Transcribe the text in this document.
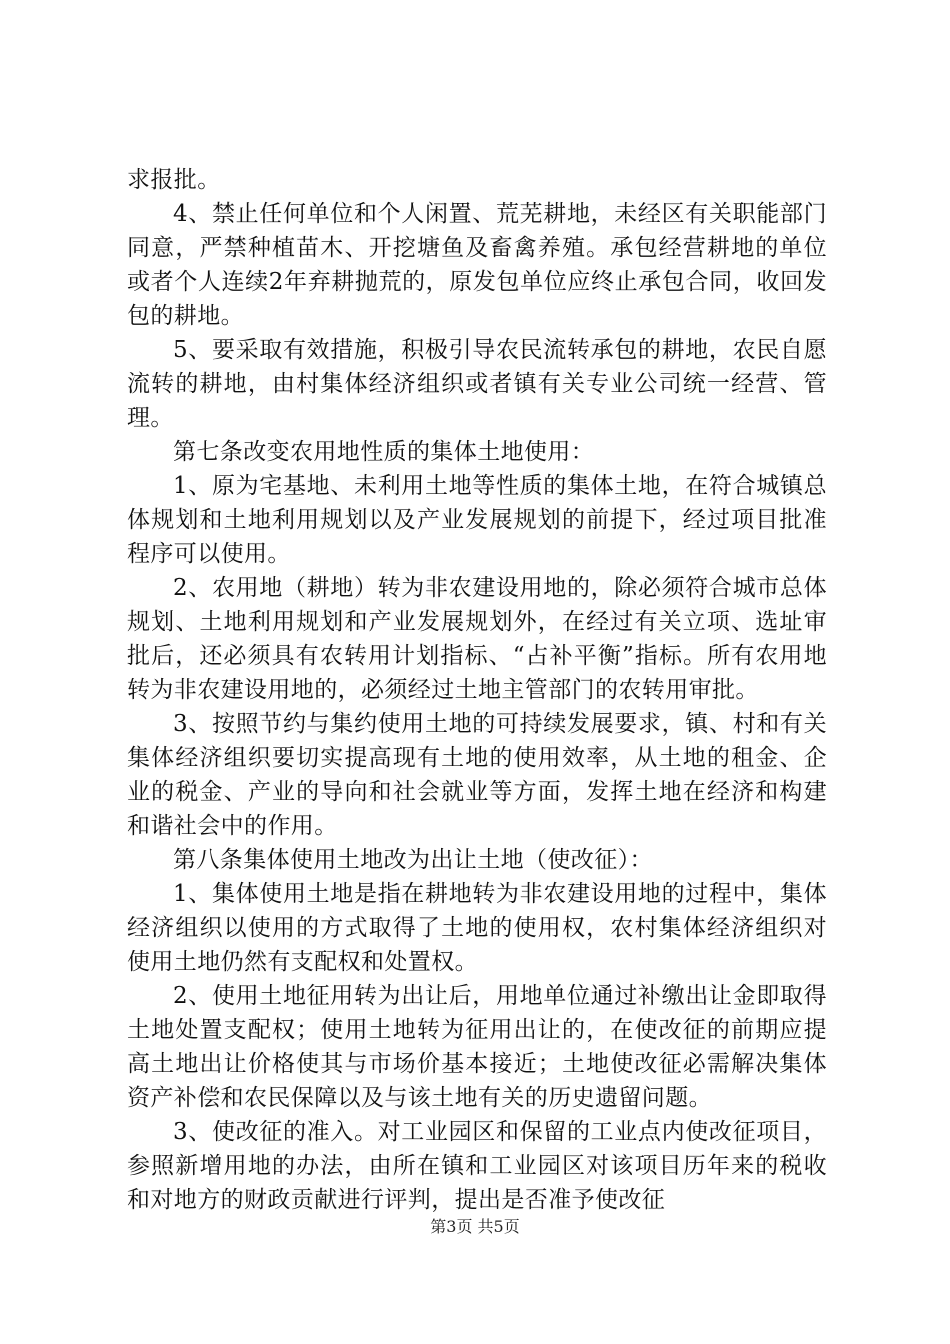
求报批。

4、禁止任何单位和个人闲置、荒芜耕地，未经区有关职能部门同意，严禁种植苗木、开挖塘鱼及畜禽养殖。承包经营耕地的单位或者个人连续2年弃耕抛荒的，原发包单位应终止承包合同，收回发包的耕地。

5、要采取有效措施，积极引导农民流转承包的耕地，农民自愿流转的耕地，由村集体经济组织或者镇有关专业公司统一经营、管理。

第七条改变农用地性质的集体土地使用：

1、原为宅基地、未利用土地等性质的集体土地，在符合城镇总体规划和土地利用规划以及产业发展规划的前提下，经过项目批准程序可以使用。

2、农用地（耕地）转为非农建设用地的，除必须符合城市总体规划、土地利用规划和产业发展规划外，在经过有关立项、选址审批后，还必须具有农转用计划指标、“占补平衡”指标。所有农用地转为非农建设用地的，必须经过土地主管部门的农转用审批。

3、按照节约与集约使用土地的可持续发展要求，镇、村和有关集体经济组织要切实提高现有土地的使用效率，从土地的租金、企业的税金、产业的导向和社会就业等方面，发挥土地在经济和构建和谐社会中的作用。

第八条集体使用土地改为出让土地（使改征）：

1、集体使用土地是指在耕地转为非农建设用地的过程中，集体经济组织以使用的方式取得了土地的使用权，农村集体经济组织对使用土地仍然有支配权和处置权。

2、使用土地征用转为出让后，用地单位通过补缴出让金即取得土地处置支配权；使用土地转为征用出让的，在使改征的前期应提高土地出让价格使其与市场价基本接近；土地使改征必需解决集体资产补偿和农民保障以及与该土地有关的历史遗留问题。

3、使改征的准入。对工业园区和保留的工业点内使改征项目，参照新增用地的办法，由所在镇和工业园区对该项目历年来的税收和对地方的财政贡献进行评判，提出是否准予使改征

第3页 共5页
